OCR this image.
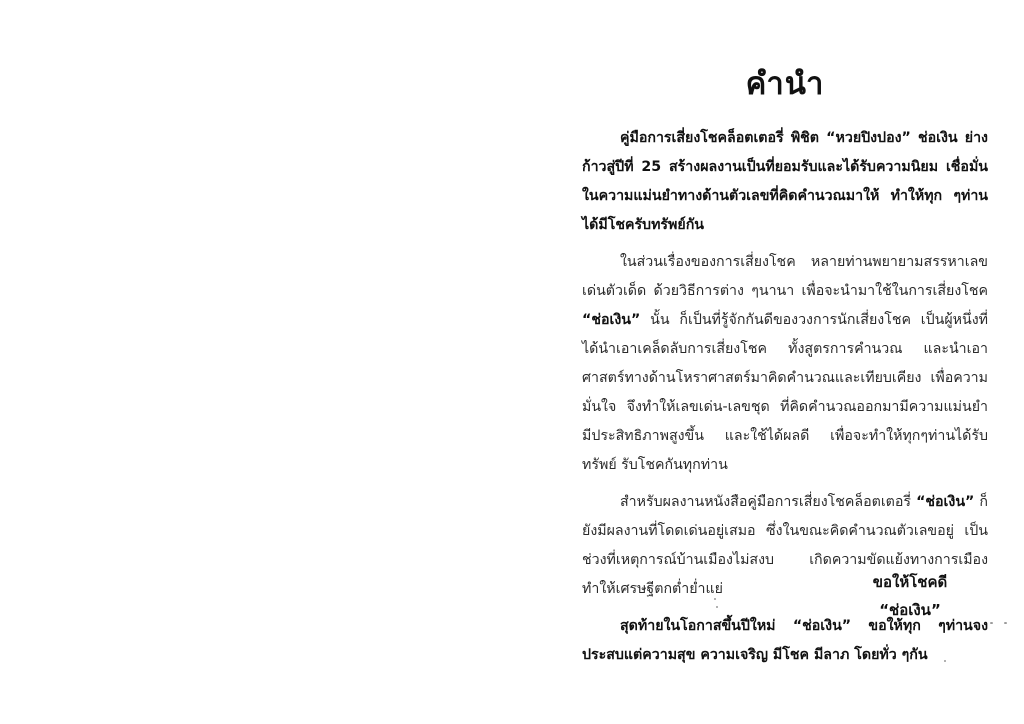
คำนำ

คู่มือการเสี่ยงโชคล็อตเตอรี่ พิชิต “หวยปิงปอง” ช่อเงิน ย่างก้าวสู่ปีที่ 25 สร้างผลงานเป็นที่ยอมรับและได้รับความนิยม เชื่อมั่นในความแม่นยำทางด้านตัวเลขที่คิดคำนวณมาให้ ทำให้ทุก ๆท่านได้มีโชครับทรัพย์กัน

ในส่วนเรื่องของการเสี่ยงโชค หลายท่านพยายามสรรหาเลขเด่นตัวเด็ด ด้วยวิธีการต่าง ๆนานา เพื่อจะนำมาใช้ในการเสี่ยงโชค “ช่อเงิน” นั้น ก็เป็นที่รู้จักกันดีของวงการนักเสี่ยงโชค เป็นผู้หนึ่งที่ได้นำเอาเคล็ดลับการเสี่ยงโชค ทั้งสูตรการคำนวณ และนำเอาศาสตร์ทางด้านโหราศาสตร์มาคิดคำนวณและเทียบเคียง เพื่อความมั่นใจ จึงทำให้เลขเด่น-เลขชุด ที่คิดคำนวณออกมามีความแม่นยำ มีประสิทธิภาพสูงขึ้น และใช้ได้ผลดี เพื่อจะทำให้ทุกๆท่านได้รับทรัพย์ รับโชคกันทุกท่าน

สำหรับผลงานหนังสือคู่มือการเสี่ยงโชคล็อตเตอรี่ “ช่อเงิน” ก็ยังมีผลงานที่โดดเด่นอยู่เสมอ ซึ่งในขณะคิดคำนวณตัวเลขอยู่ เป็นช่วงที่เหตุการณ์บ้านเมืองไม่สงบ เกิดความขัดแย้งทางการเมือง ทำให้เศรษฐีตกต่ำย่ำแย่

สุดท้ายในโอกาสขึ้นปีใหม่ “ช่อเงิน” ขอให้ทุก ๆท่านจงประสบแต่ความสุข ความเจริญ มีโชค มีลาภ โดยทั่ว ๆกัน

ขอให้โชคดี
“ช่อเงิน”
